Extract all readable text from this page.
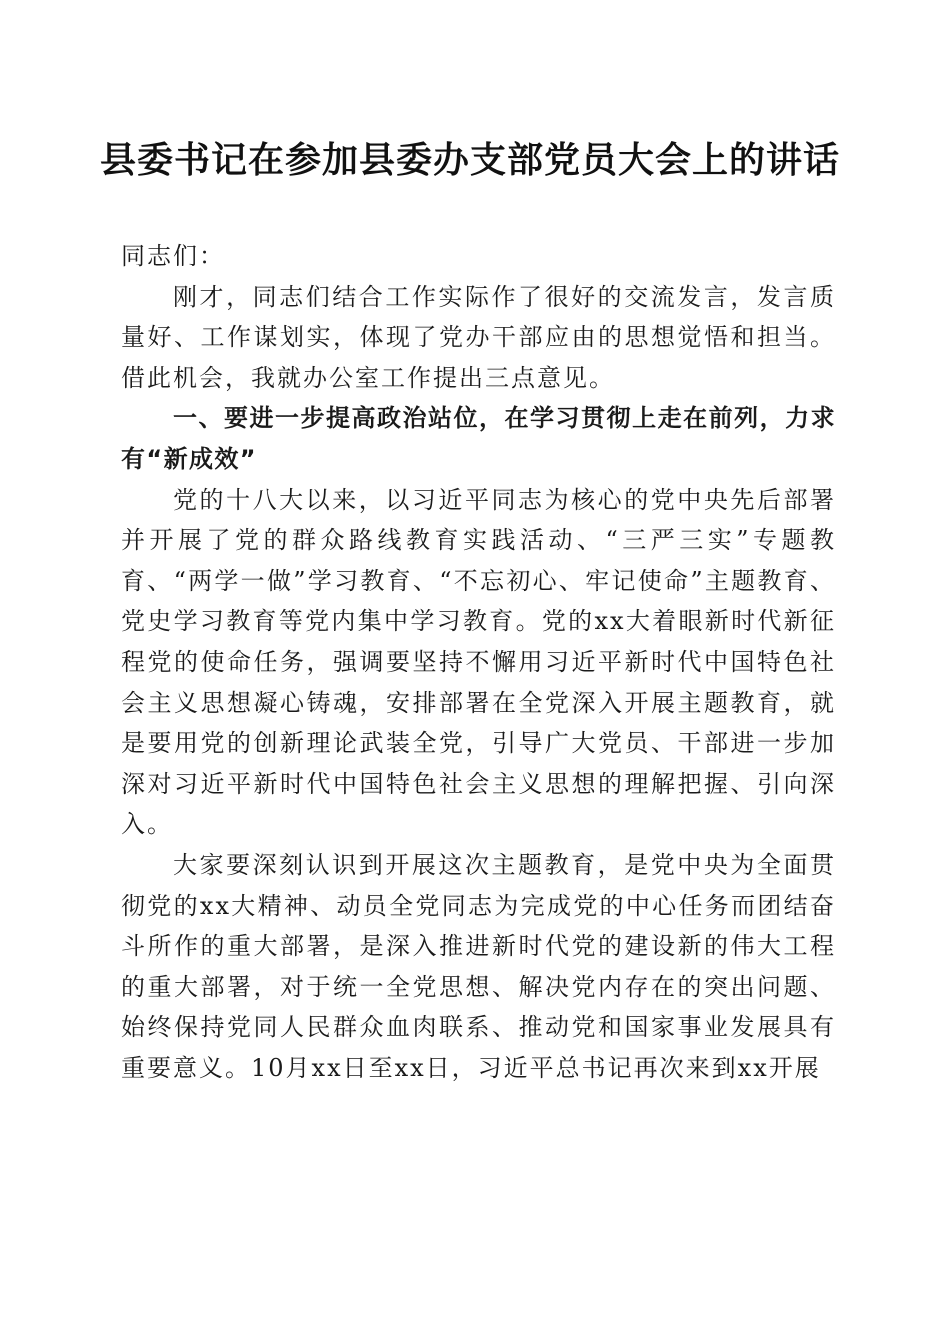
县委书记在参加县委办支部党员大会上的讲话

同志们：

刚才，同志们结合工作实际作了很好的交流发言，发言质量好、工作谋划实，体现了党办干部应由的思想觉悟和担当。借此机会，我就办公室工作提出三点意见。

一、要进一步提高政治站位，在学习贯彻上走在前列，力求有“新成效”

党的十八大以来，以习近平同志为核心的党中央先后部署并开展了党的群众路线教育实践活动、“三严三实”专题教育、“两学一做”学习教育、“不忘初心、牢记使命”主题教育、党史学习教育等党内集中学习教育。党的xx大着眼新时代新征程党的使命任务，强调要坚持不懈用习近平新时代中国特色社会主义思想凝心铸魂，安排部署在全党深入开展主题教育，就是要用党的创新理论武装全党，引导广大党员、干部进一步加深对习近平新时代中国特色社会主义思想的理解把握、引向深入。

大家要深刻认识到开展这次主题教育，是党中央为全面贯彻党的xx大精神、动员全党同志为完成党的中心任务而团结奋斗所作的重大部署，是深入推进新时代党的建设新的伟大工程的重大部署，对于统一全党思想、解决党内存在的突出问题、始终保持党同人民群众血肉联系、推动党和国家事业发展具有重要意义。10月xx日至xx日，习近平总书记再次来到xx开展
